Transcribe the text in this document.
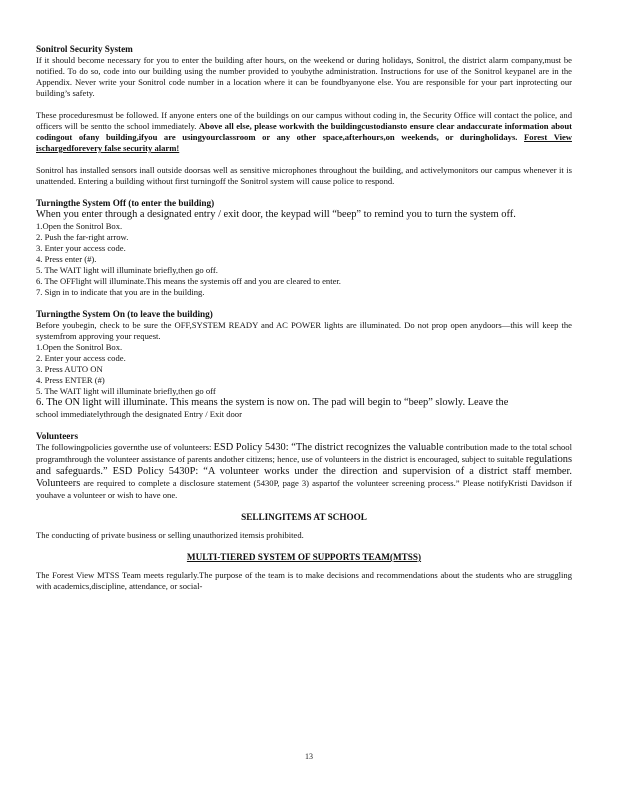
Sonitrol Security System

If it should become necessary for you to enter the building after hours, on the weekend or during holidays, Sonitrol, the district alarm company,must be notified. To do so, code into our building using the number provided to youbythe administration. Instructions for use of the Sonitrol keypanel are in the Appendix. Never write your Sonitrol code number in a location where it can be foundbyanyone else. You are responsible for your part inprotecting our building’s safety.

These proceduresmust be followed. If anyone enters one of the buildings on our campus without coding in, the Security Office will contact the police, and officers will be sentto the school immediately. Above all else, please workwith the buildingcustodiansto ensure clear andaccurate information about codingout ofany building,ifyou are usingyourclassroom or any other space,afterhours,on weekends, or duringholidays. Forest View ischargedforevery false security alarm!

Sonitrol has installed sensors inall outside doorsas well as sensitive microphones throughout the building, and activelymonitors our campus whenever it is unattended. Entering a building without first turningoff the Sonitrol system will cause police to respond.

Turningthe System Off (to enter the building)

When you enter through a designated entry / exit door, the keypad will “beep” to remind you to turn the system off.

1.Open the Sonitrol Box.

2. Push the far-right arrow.

3. Enter your access code.

4. Press enter (#).

5. The WAIT light will illuminate briefly,then go off.

6. The OFFlight will illuminate.This means the systemis off and you are cleared to enter.

7. Sign in to indicate that you are in the building.

Turningthe System On (to leave the building)

Before youbegin, check to be sure the OFF,SYSTEM READY and AC POWER lights are illuminated. Do not prop open anydoors—this will keep the systemfrom approving your request.

1.Open the Sonitrol Box.

2. Enter your access code.

3. Press AUTO ON

4. Press ENTER (#)

5. The WAIT light will illuminate briefly,then go off

6. The ON light will illuminate. This means the system is now on. The pad will begin to “beep” slowly. Leave the

school immediatelythrough the designated Entry / Exit door

Volunteers

The followingpolicies governthe use of volunteers: ESD Policy 5430: “The district recognizes the valuable contribution made to the total school programthrough the volunteer assistance of parents andother citizens; hence, use of volunteers in the district is encouraged, subject to suitable regulations and safeguards.” ESD Policy 5430P: “A volunteer works under the direction and supervision of a district staff member. Volunteers are required to complete a disclosure statement (5430P, page 3) aspartof the volunteer screening process.” Please notifyKristi Davidson if youhave a volunteer or wish to have one.

SELLINGITEMS AT SCHOOL

The conducting of private business or selling unauthorized itemsis prohibited.

MULTI-TIERED SYSTEM OF SUPPORTS TEAM(MTSS)

The Forest View MTSS Team meets regularly.The purpose of the team is to make decisions and recommendations about the students who are struggling with academics,discipline, attendance, or social-

13
